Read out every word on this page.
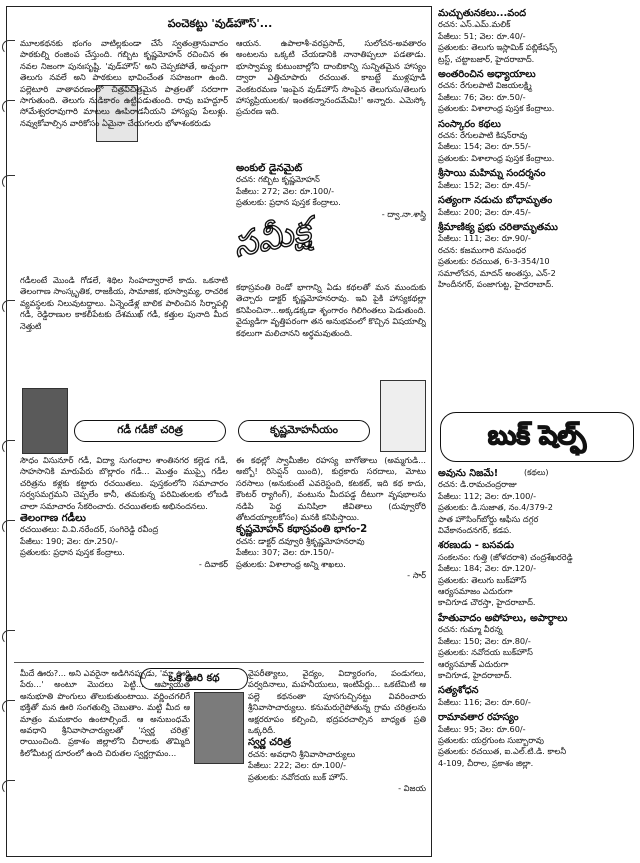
పంచెకట్టు 'వుడ్‌హౌస్'...

మూలకథనకు భంగం వాటిల్లకుండా చేసే స్వతంత్రానువాదం పాఠకుల్ని రంజింప చేస్తుంది. గబ్బిట కృష్ణమోహన్ రచించిన ఈ నవల నిజంగా పునఃసృష్టి. 'వుడ్‌హౌస్' అని చెప్పకపోతే, అచ్చంగా తెలుగు నవలే అని పాఠకులు భావించేంత సహజంగా ఉంది. పల్లెటూరి వాతావరణంలో చిత్రవిచిత్రమైన పాత్రలతో సరదాగా సాగుతుంది. తెలుగు నుడికారం ఉట్టిపడుతుంది. రావు బహద్దూర్ సోమేశ్వరరావుగారి మాటలు ఊపిరాడనీయని హాస్యపు పేలుళ్లు. నవ్వుకోవాల్సిన వారికోసం ఏమైనా చేయగలరు భోళాశంకరుడు

ఆయన. ఉపాలాశీ-వరప్రసాద్, సులోచన-అవతారం అంటలను ఒక్కటి చేయడానికి నానాతిప్పలూ పడతాడు. భూస్వామ్య కుటుంబాల్లోని దాంబికాన్ని సున్నితమైన హాస్యం ద్వారా ఎత్తిచూపారు రచయిత. కాబట్టే ముళ్లపూడి వెంకటరమణ 'ఇంపైన వుడ్‌హౌస్ సొంపైన తెలుగుసు/తెలుగు హాస్యప్రియులకు/ ఇంతకన్నానందమేమి!' అన్నారు. ఎమెస్కో ప్రచురణ ఇది.

అంకుల్ డైనమైట్

రచన: గబ్బిట కృష్ణమోహన్

పేజీలు: 272; వెల: రూ.100/-

ప్రతులకు: ప్రధాన పుస్తక కేంద్రాలు.

- ద్వా.నా.శాస్త్రి

సమీక్ష

గడీలంటే మొండి గోడలే, శిథిల సింహద్వారాలే కాదు. ఒకనాటి తెలంగాణ సాంస్కృతిక, రాజకీయ, సామాజిక, భూస్వామ్య, రాచరిక వ్యవస్థలకు నిలువుటద్దాలు. ఏన్నెండేళ్ల బాలిక పాలించిన సిర్నాపల్లి గడీ, రెడ్డిరాణుల కాకలీపేటకు దేశముఖ్ గడీ, కత్తుల పునాది మీద నెత్తుటి

గడీ గడీకో చరిత్ర

సౌధం విసునూర్ గడీ, విద్యా సుగంధాల శాంతినగర కల్లెడ గడీ, సాహసానికి మారుపేరు బొల్లారం గడీ... మొత్తం ముప్పై గడీల చరిత్రను కళ్లకు కట్టారు రచయితలు. పుస్తకంలోని సమాచారం సర్వసమగ్రమని చెప్పలేం కానీ, తమకున్న పరిమితులకు లోబడి చాలా సమాచారం సేకరించారు. రచయితలకు అభినందనలు.

తెలంగాణ గడీలు

రచయితలు: వి.వి.నరేందర్, సంగిరెడ్డి రవీంద్ర

పేజీలు: 190; వెల: రూ.250/-

ప్రతులకు: ప్రధాన పుస్తక కేంద్రాలు.

- దివాకర్

కథాస్రవంతి రెండో భాగాన్ని ఏడు కథలతో మన ముందుకు తెచ్చారు డాక్టర్ కృష్ణమోహనరావు. ఇవి పైకి హాస్యకథల్లా కనిపించినా...అక్కడక్కడా శృంగారం గిలిగింతలు పెడుతుంది. వైద్యుడిగా వృత్తిపరంగా తన అనుభవంలో కొచ్చిన విషయాల్ని కథలుగా మలిచానని అర్థమవుతుంది.

కృష్ణమోహనీయం

ఈ కథల్లో స్వామీజీల రహస్య బాగోతాలు (అమ్మగుడి... అబ్బో! రిసెప్షన్ యింది), కుర్రకారు సరదాలు, మోటు సరసాలు (అనుకుంటే ఎవరెస్టంది, కటకట్, ఇది కథ కాదు, కౌంటర్ ర్యాగింగ్), వంటును మీదపడ్డ దీటుగా వృషభాలను నడిపి పెద్ద మనిషిలా జీవితాలు (దువ్వూరోరి తోటదయ్యాలకోసం) మనకి కనిపిస్తాయి.

కృష్ణమోహన్ కథాస్రవంతి భాగం-2

రచన: డాక్టర్ దవ్వూరి శ్రీకృష్ణమోహనరావు

పేజీలు: 307; వెల: రూ.150/-

ప్రతులకు: విశాలాంధ్ర అన్ని శాఖలు.

- సార్

ఒక ఊరి కథ

మీదే ఊరు?... అని ఎవరైనా అడిగినప్పుడు, 'మా ఊరి పేరు...' అంటూ మొదలు పెట్టి... ఆప్యాయత అనుభూతి పొంగులు తొలుకుతుంటాయి. వర్ణించగలిగే భక్తితో మన ఊరి సంగతుల్ని చెబుతాం. మట్టి మీద ఆ మాత్రం మమకారం ఉంటాల్సిందే. ఆ అనుబంధమే అవధాని శ్రీనివాసాచార్యులతో 'స్వర్ణ చరిత్ర' రాయించింది. ప్రకాశం జిల్లాలోని చీరాలకు తొమ్మిది కిలోమీటర్ల దూరంలో ఉంది చిరుతల స్వర్ణగ్రామం...

వైపరీత్యాలు, వైద్యం, విద్యారంగం, పండుగలు, పర్వదినాలు, మహనీయులు, ఇంటిపేర్లు... ఒకటేమిటి ఆ పల్లె కథనంతా పూసగుచ్చినట్టు వివరించారు శ్రీనివాసాచార్యులు. కనుమరుగైపోతున్న గ్రామ చరిత్రలను అక్షరరూపం కల్పించి, భద్రపరచాల్సిన బాధ్యత ప్రతి ఒక్కరిదీ.

స్వర్ణ చరిత్ర

రచన: అవధాని శ్రీనివాసాచార్యులు

పేజీలు: 222; వెల: రూ.100/-

ప్రతులకు: నవోదయ బుక్ హౌస్.

- విజయ

మచ్చుతునకలు...వంద

రచన: ఎస్.ఎమ్.మలిక్

పేజీలు: 51; వెల: రూ.40/-

ప్రతులకు: తెలుగు ఇస్లామిక్ పబ్లికేషన్స్

ట్రస్ట్, చట్టాబజార్, హైదరాబాద్.

అంతరించిన అధ్యాయాలు

రచన: రేగులపాటి విజయలక్ష్మి

పేజీలు: 76; వెల: రూ.50/-

ప్రతులకు: విశాలాంధ్ర పుస్తక కేంద్రాలు.

సంస్కారం కథలు

రచన: రేగులపాటి కిషన్‌రావు

పేజీలు: 154; వెల: రూ.55/-

ప్రతులకు: విశాలాంధ్ర పుస్తక కేంద్రాలు.

శ్రీసాయి మహిమ్న సందర్శనం

పేజీలు: 152; వెల: రూ.45/-

సత్యంగా నడుచు బోధామృతం

పేజీలు: 200; వెల: రూ.45/-

శ్రీమాణిక్య ప్రభు చరితామృతము

పేజీలు: 111; వెల: రూ.90/-

రచన: కజముగారి వసుంధర

ప్రతులకు: రచయిత, 6-3-354/10

సమాలోచన, మాదన్ అంతస్తు, ఎన్-2

హిందీనగర్, పంజాగుట్ట, హైదరాబాద్.

బుక్ షెల్ఫ్

అవును నిజమే!	(కథలు)

రచన: డి.రామచంద్రరాజు

పేజీలు: 112; వెల: రూ.100/-

ప్రతులకు: డి.సుజాత, నం.4/379-2

పాత హౌసింగ్‌బోర్డు ఆఫీసు దగ్గర

వివేకానందనగర్, కడప.

శరణుడు - బసవడు

సంకలనం: గుత్తి (జోళదరాశి) చంద్రశేఖరరెడ్డి

పేజీలు: 184; వెల: రూ.120/-

ప్రతులకు: తెలుగు బుక్‌హౌస్

ఆర్యసమాజం ఎదురుగా

కాచిగూడ చౌరస్తా, హైదరాబాద్.

హేతువాదం అపోహలు, అపార్థాలు

రచన: గుమ్మా వీరన్న

పేజీలు: 150; వెల: రూ.80/-

ప్రతులకు: నవోదయ బుక్‌హౌస్

ఆర్యసమాజ్ ఎదురుగా

కాచిగూడ, హైదరాబాద్.

సత్యశోధన

పేజీలు: 116; వెల: రూ.60/-

రామావతార రహస్యం

పేజీలు: 95; వెల: రూ.60/-

ప్రతులకు: యర్రగుంట సుబ్బారావు

ప్రతులకు: రచయిత, ఐ.ఎల్.టి.డి. కాలనీ

4-109, చీరాల, ప్రకాశం జిల్లా.
